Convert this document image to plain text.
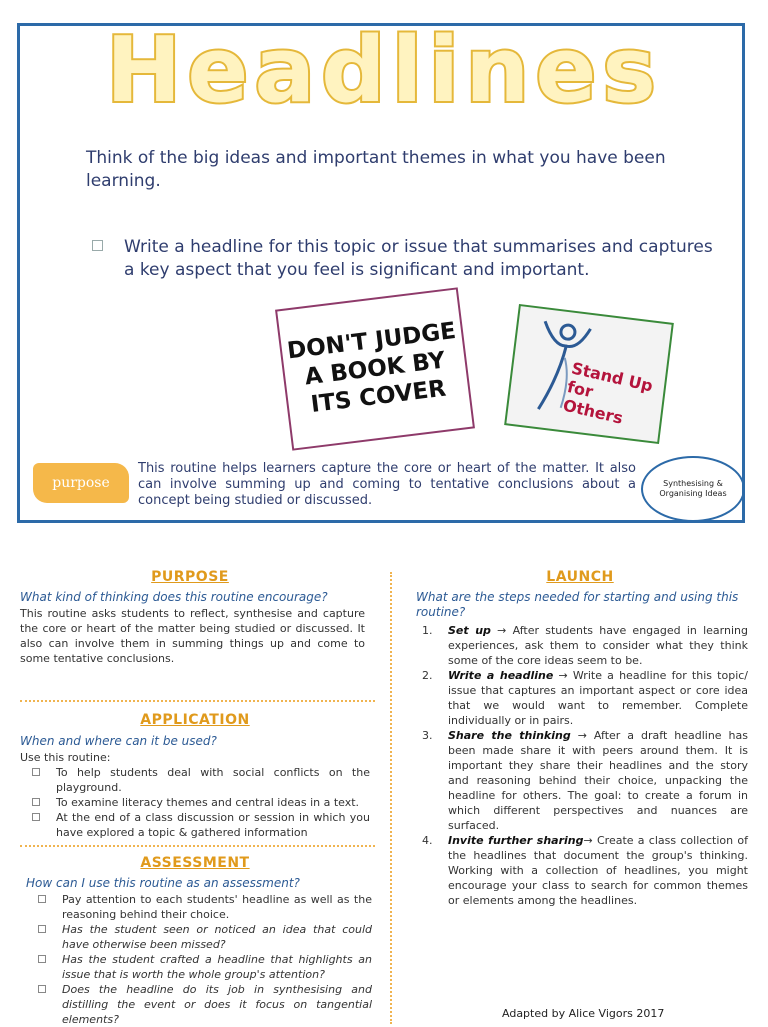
Headlines
Think of the big ideas and important themes in what you have been learning.
Write a headline for this topic or issue that summarises and captures a key aspect that you feel is significant and important.
DON'T JUDGE A BOOK BY ITS COVER	Stand Up for Others
purpose
This routine helps learners capture the core or heart of the matter. It also can involve summing up and coming to tentative conclusions about a concept being studied or discussed.
Synthesising & Organising Ideas
PURPOSE
What kind of thinking does this routine encourage?
This routine asks students to reflect, synthesise and capture the core or heart of the matter being studied or discussed. It also can involve them in summing things up and come to some tentative conclusions.
APPLICATION
When and where can it be used?
Use this routine:
To help students deal with social conflicts on the playground.
To examine literacy themes and central ideas in a text.
At the end of a class discussion or session in which you have explored a topic & gathered information
ASSESSMENT
How can I use this routine as an assessment?
Pay attention to each students' headline as well as the reasoning behind their choice.
Has the student seen or noticed an idea that could have otherwise been missed?
Has the student crafted a headline that highlights an issue that is worth the whole group's attention?
Does the headline do its job in synthesising and distilling the event or does it focus on tangential elements?
LAUNCH
What are the steps needed for starting and using this routine?
1. Set up → After students have engaged in learning experiences, ask them to consider what they think some of the core ideas seem to be.
2. Write a headline → Write a headline for this topic/ issue that captures an important aspect or core idea that we would want to remember. Complete individually or in pairs.
3. Share the thinking → After a draft headline has been made share it with peers around them. It is important they share their headlines and the story and reasoning behind their choice, unpacking the headline for others. The goal: to create a forum in which different perspectives and nuances are surfaced.
4. Invite further sharing→ Create a class collection of the headlines that document the group's thinking. Working with a collection of headlines, you might encourage your class to search for common themes or elements among the headlines.
Adapted by Alice Vigors 2017
